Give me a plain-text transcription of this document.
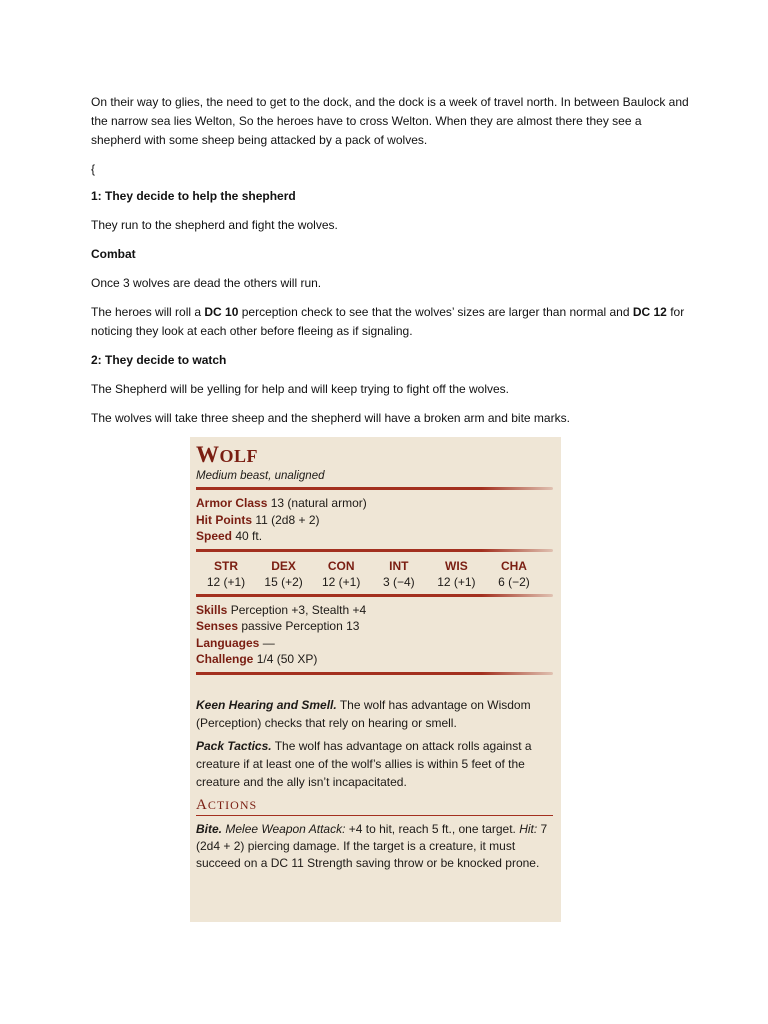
On their way to glies, the need to get to the dock, and the dock is a week of travel north. In between Baulock and the narrow sea lies Welton, So the heroes have to cross Welton. When they are almost there they see a shepherd with some sheep being attacked by a pack of wolves.

{

1: They decide to help the shepherd

They run to the shepherd and fight the wolves.

Combat

Once 3 wolves are dead the others will run.

The heroes will roll a DC 10 perception check to see that the wolves’ sizes are larger than normal and DC 12 for noticing they look at each other before fleeing as if signaling.

2: They decide to watch

The Shepherd will be yelling for help and will keep trying to fight off the wolves.

The wolves will take three sheep and the shepherd will have a broken arm and bite marks.

WOLF

Medium beast, unaligned

Armor Class 13 (natural armor)

Hit Points 11 (2d8 + 2)

Speed 40 ft.

STR
12 (+1)
DEX
15 (+2)
CON
12 (+1)
INT
3 (−4)
WIS
12 (+1)
CHA
6 (−2)

Skills Perception +3, Stealth +4

Senses passive Perception 13

Languages —

Challenge 1/4 (50 XP)

Keen Hearing and Smell. The wolf has advantage on Wisdom (Perception) checks that rely on hearing or smell.

Pack Tactics. The wolf has advantage on attack rolls against a creature if at least one of the wolf’s allies is within 5 feet of the creature and the ally isn’t incapacitated.

ACTIONS

Bite. Melee Weapon Attack: +4 to hit, reach 5 ft., one target. Hit: 7 (2d4 + 2) piercing damage. If the target is a creature, it must succeed on a DC 11 Strength saving throw or be knocked prone.
